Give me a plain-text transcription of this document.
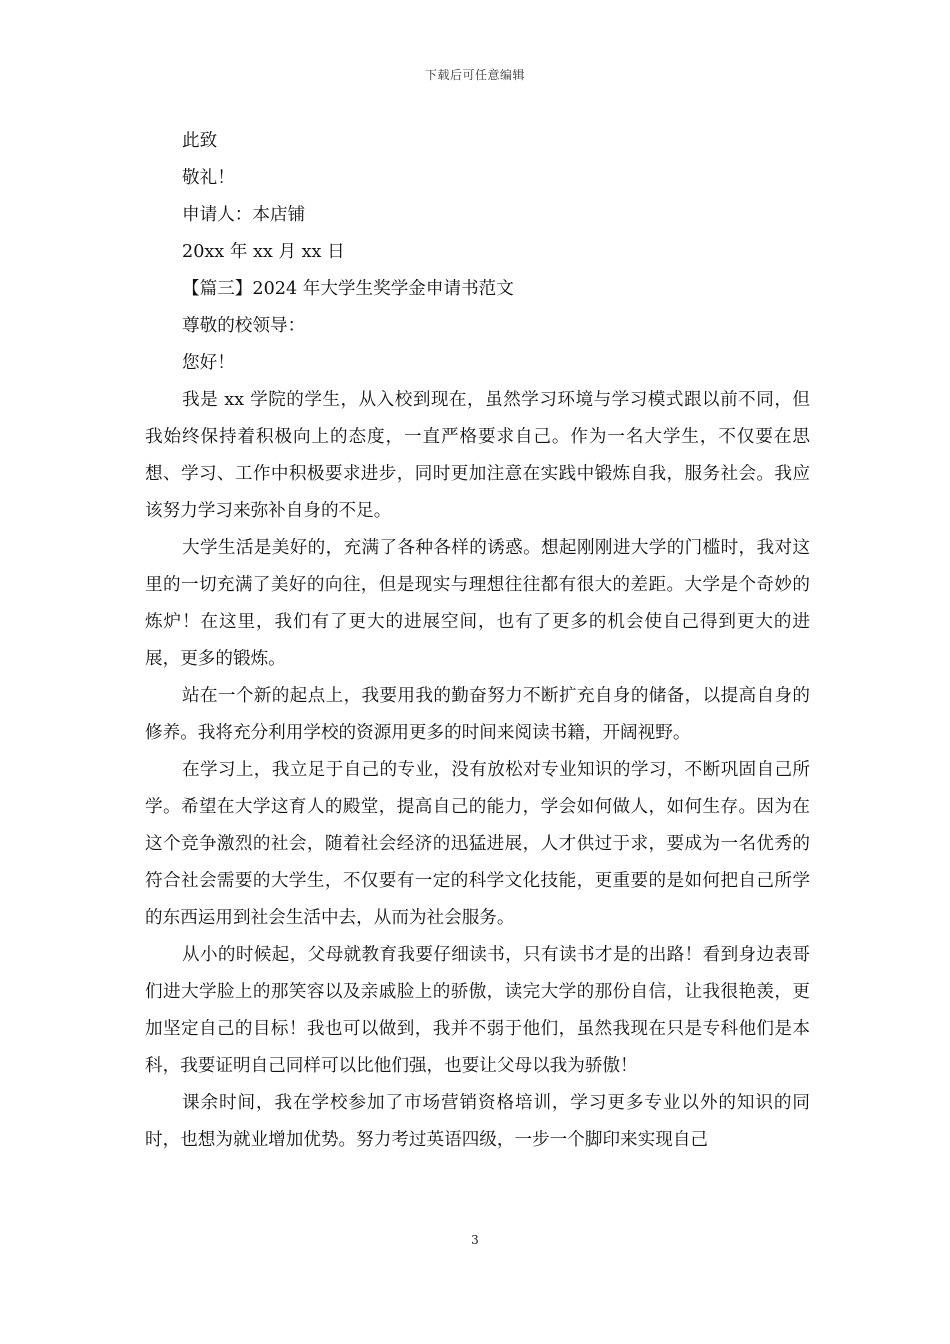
下载后可任意编辑

此致

敬礼！

申请人：本店铺

20xx 年 xx 月 xx 日

【篇三】2024 年大学生奖学金申请书范文

尊敬的校领导：

您好！

我是 xx 学院的学生，从入校到现在，虽然学习环境与学习模式跟以前不同，但我始终保持着积极向上的态度，一直严格要求自己。作为一名大学生，不仅要在思想、学习、工作中积极要求进步，同时更加注意在实践中锻炼自我，服务社会。我应该努力学习来弥补自身的不足。

大学生活是美好的，充满了各种各样的诱惑。想起刚刚进大学的门槛时，我对这里的一切充满了美好的向往，但是现实与理想往往都有很大的差距。大学是个奇妙的炼炉！在这里，我们有了更大的进展空间，也有了更多的机会使自己得到更大的进展，更多的锻炼。

站在一个新的起点上，我要用我的勤奋努力不断扩充自身的储备，以提高自身的修养。我将充分利用学校的资源用更多的时间来阅读书籍，开阔视野。

在学习上，我立足于自己的专业，没有放松对专业知识的学习，不断巩固自己所学。希望在大学这育人的殿堂，提高自己的能力，学会如何做人，如何生存。因为在这个竞争激烈的社会，随着社会经济的迅猛进展，人才供过于求，要成为一名优秀的符合社会需要的大学生，不仅要有一定的科学文化技能，更重要的是如何把自己所学的东西运用到社会生活中去，从而为社会服务。

从小的时候起，父母就教育我要仔细读书，只有读书才是的出路！看到身边表哥们进大学脸上的那笑容以及亲戚脸上的骄傲，读完大学的那份自信，让我很艳羡，更加坚定自己的目标！我也可以做到，我并不弱于他们，虽然我现在只是专科他们是本科，我要证明自己同样可以比他们强，也要让父母以我为骄傲！

课余时间，我在学校参加了市场营销资格培训，学习更多专业以外的知识的同时，也想为就业增加优势。努力考过英语四级，一步一个脚印来实现自己

3
